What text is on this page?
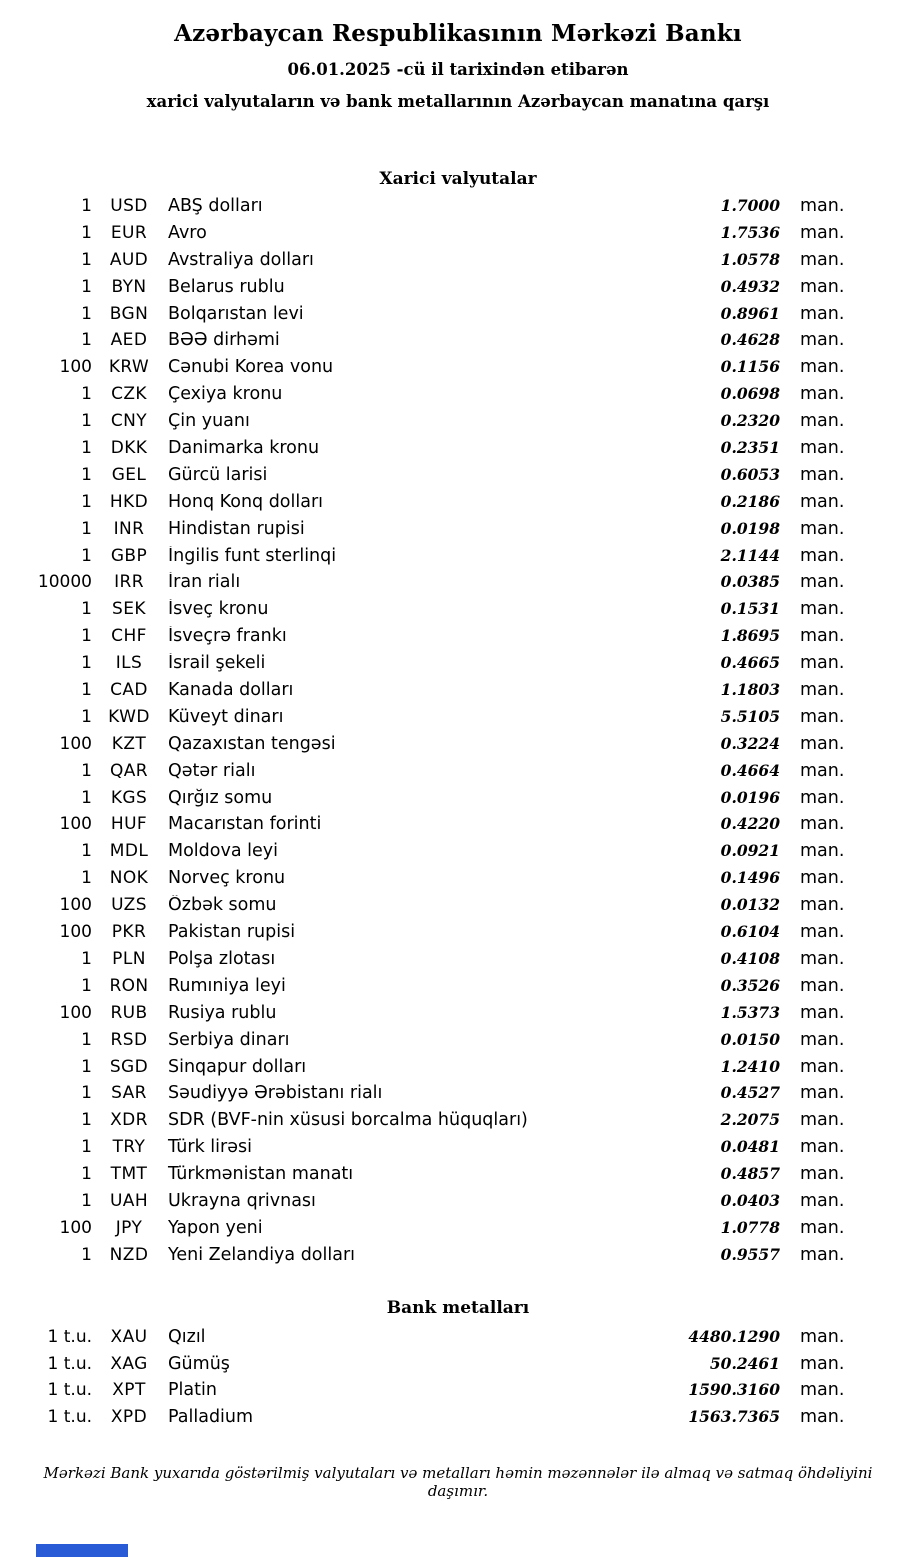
Azərbaycan Respublikasının Mərkəzi Bankı
06.01.2025 -cü il tarixindən etibarən
xarici valyutaların və bank metallarının Azərbaycan manatına qarşı
Xarici valyutalar
1	USD	ABŞ dolları	1.7000	man.
1	EUR	Avro	1.7536	man.
1	AUD	Avstraliya dolları	1.0578	man.
1	BYN	Belarus rublu	0.4932	man.
1	BGN	Bolqarıstan levi	0.8961	man.
1	AED	BƏƏ dirhəmi	0.4628	man.
100 KRW	Cənubi Korea vonu	0.1156	man.
1	CZK	Çexiya kronu	0.0698	man.
1	CNY	Çin yuanı	0.2320	man.
1	DKK	Danimarka kronu	0.2351	man.
1	GEL	Gürcü larisi	0.6053	man.
1	HKD	Honq Konq dolları	0.2186	man.
1	INR	Hindistan rupisi	0.0198	man.
1	GBP	İngilis funt sterlinqi	2.1144	man.
10000	IRR	İran rialı	0.0385	man.
1	SEK	İsveç kronu	0.1531	man.
1	CHF	İsveçrə frankı	1.8695	man.
1	ILS	İsrail şekeli	0.4665	man.
1	CAD	Kanada dolları	1.1803	man.
1 KWD	Küveyt dinarı	5.5105	man.
100	KZT	Qazaxıstan tengəsi	0.3224	man.
1	QAR	Qətər rialı	0.4664	man.
1	KGS	Qırğız somu	0.0196	man.
100	HUF	Macarıstan forinti	0.4220	man.
1	MDL	Moldova leyi	0.0921	man.
1	NOK	Norveç kronu	0.1496	man.
100	UZS	Özbək somu	0.0132	man.
100	PKR	Pakistan rupisi	0.6104	man.
1	PLN	Polşa zlotası	0.4108	man.
1	RON	Rumıniya leyi	0.3526	man.
100	RUB	Rusiya rublu	1.5373	man.
1	RSD	Serbiya dinarı	0.0150	man.
1	SGD	Sinqapur dolları	1.2410	man.
1	SAR	Səudiyyə Ərəbistanı rialı	0.4527	man.
1	XDR	SDR (BVF-nin xüsusi borcalma hüquqları)	2.2075	man.
1	TRY	Türk lirəsi	0.0481	man.
1	TMT	Türkmənistan manatı	0.4857	man.
1	UAH	Ukrayna qrivnası	0.0403	man.
100	JPY	Yapon yeni	1.0778	man.
1	NZD	Yeni Zelandiya dolları	0.9557	man.
Bank metalları
1 t.u.	XAU	Qızıl	4480.1290	man.
1 t.u.	XAG	Gümüş	50.2461	man.
1 t.u.	XPT	Platin	1590.3160	man.
1 t.u.	XPD	Palladium	1563.7365	man.
Mərkəzi Bank yuxarıda göstərilmiş valyutaları və metalları həmin məzənnələr ilə almaq və satmaq öhdəliyini daşımır.
